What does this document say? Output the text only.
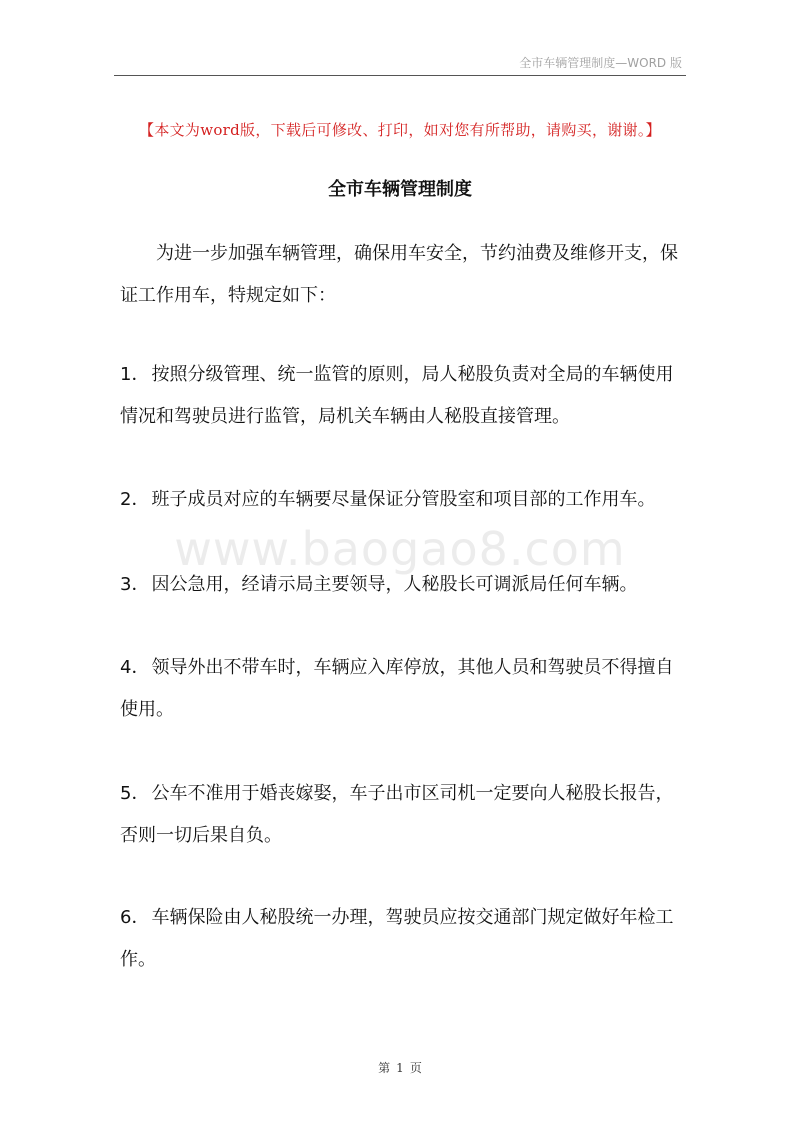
全市车辆管理制度—WORD 版
【本文为word版，下载后可修改、打印，如对您有所帮助，请购买，谢谢。】
全市车辆管理制度
www.baogao8.com

为进一步加强车辆管理，确保用车安全，节约油费及维修开支，保证工作用车，特规定如下：

1． 按照分级管理、统一监管的原则，局人秘股负责对全局的车辆使用情况和驾驶员进行监管，局机关车辆由人秘股直接管理。

2． 班子成员对应的车辆要尽量保证分管股室和项目部的工作用车。

3． 因公急用，经请示局主要领导，人秘股长可调派局任何车辆。

4． 领导外出不带车时，车辆应入库停放，其他人员和驾驶员不得擅自使用。

5． 公车不准用于婚丧嫁娶，车子出市区司机一定要向人秘股长报告，否则一切后果自负。

6． 车辆保险由人秘股统一办理，驾驶员应按交通部门规定做好年检工作。

第 1 页
